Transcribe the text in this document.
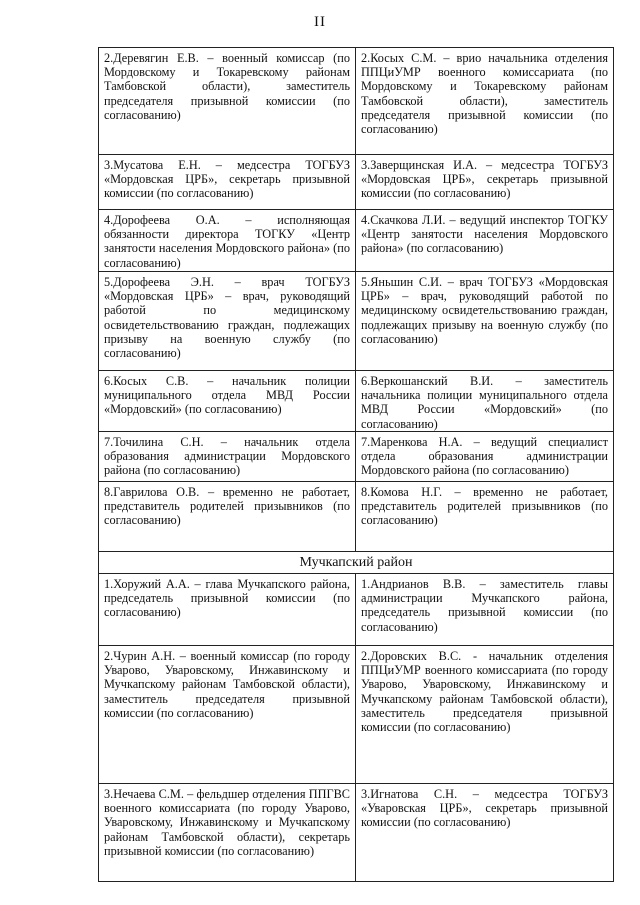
II
2.Деревягин Е.В. – военный комиссар (по Мордовскому и Токаревскому районам Тамбовской области), заместитель председателя призывной комиссии (по согласованию)	2.Косых С.М. – врио начальника отделения ППЦиУМР военного комиссариата (по Мордовскому и Токаревскому районам Тамбовской области), заместитель председателя призывной комиссии (по согласованию)
3.Мусатова Е.Н. – медсестра ТОГБУЗ «Мордовская ЦРБ», секретарь призывной комиссии (по согласованию)	3.Заверщинская И.А. – медсестра ТОГБУЗ «Мордовская ЦРБ», секретарь призывной комиссии (по согласованию)
4.Дорофеева О.А. – исполняющая обязанности директора ТОГКУ «Центр занятости населения Мордовского района» (по согласованию)	4.Скачкова Л.И. – ведущий инспектор ТОГКУ «Центр занятости населения Мордовского района» (по согласованию)
5.Дорофеева Э.Н. – врач ТОГБУЗ «Мордовская ЦРБ» – врач, руководящий работой по медицинскому освидетельствованию граждан, подлежащих призыву на военную службу (по согласованию)	5.Яньшин С.И. – врач ТОГБУЗ «Мордовская ЦРБ» – врач, руководящий работой по медицинскому освидетельствованию граждан, подлежащих призыву на военную службу (по согласованию)
6.Косых С.В. – начальник полиции муниципального отдела МВД России «Мордовский» (по согласованию)	6.Веркошанский В.И. – заместитель начальника полиции муниципального отдела МВД России «Мордовский» (по согласованию)
7.Точилина С.Н. – начальник отдела образования администрации Мордовского района (по согласованию)	7.Маренкова Н.А. – ведущий специалист отдела образования администрации Мордовского района (по согласованию)
8.Гаврилова О.В. – временно не работает, представитель родителей призывников (по согласованию)	8.Комова Н.Г. – временно не работает, представитель родителей призывников (по согласованию)
Мучкапский район	
1.Хоружий А.А. – глава Мучкапского района, председатель призывной комиссии (по согласованию)	1.Андрианов В.В. – заместитель главы администрации Мучкапского района, председатель призывной комиссии (по согласованию)
2.Чурин А.Н. – военный комиссар (по городу Уварово, Уваровскому, Инжавинскому и Мучкапскому районам Тамбовской области), заместитель председателя призывной комиссии (по согласованию)	2.Доровских В.С. - начальник отделения ППЦиУМР военного комиссариата (по городу Уварово, Уваровскому, Инжавинскому и Мучкапскому районам Тамбовской области), заместитель председателя призывной комиссии (по согласованию)
3.Нечаева С.М. – фельдшер отделения ППГВС военного комиссариата (по городу Уварово, Уваровскому, Инжавинскому и Мучкапскому районам Тамбовской области), секретарь призывной комиссии (по согласованию)	3.Игнатова С.Н. – медсестра ТОГБУЗ «Уваровская ЦРБ», секретарь призывной комиссии (по согласованию)
